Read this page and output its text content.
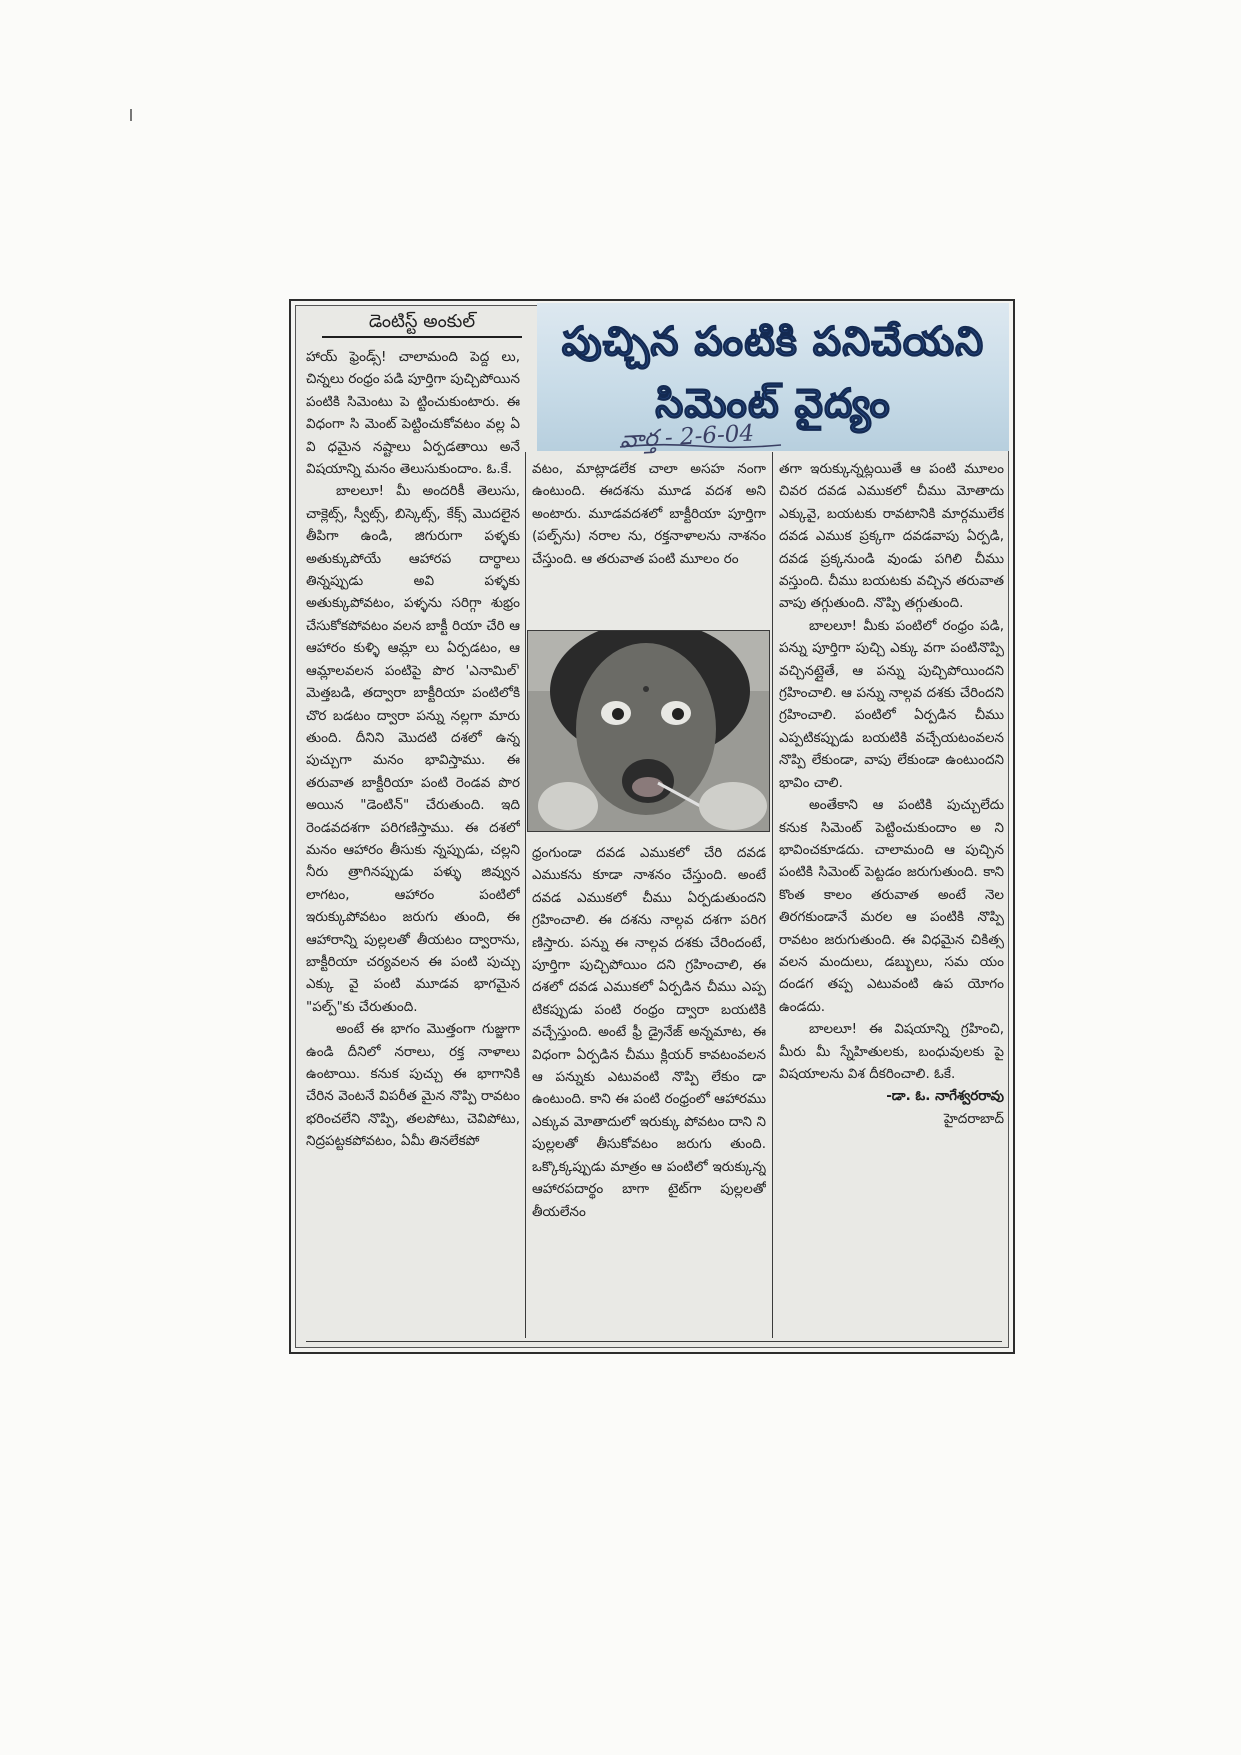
డెంటిస్ట్ అంకుల్	పుచ్చిన పంటికి పనిచేయని
సిమెంట్ వైద్యం
వార్త - 2-6-04

హాయ్ ఫ్రెండ్స్! చాలామంది పెద్ద లు, చిన్నలు రంధ్రం పడి పూర్తిగా పుచ్చిపోయిన పంటికి సిమెంటు పె ట్టించుకుంటారు. ఈ విధంగా సి మెంట్ పెట్టించుకోవటం వల్ల ఏ వి ధమైన నష్టాలు ఏర్పడతాయి అనే విషయాన్ని మనం తెలుసుకుందాం. ఓ.కే.

బాలలూ! మీ అందరికీ తెలుసు, చాక్లెట్స్, స్వీట్స్, బిస్కెట్స్, కేక్స్ మొదలైన తీపిగా ఉండి, జిగురుగా పళ్ళకు అతుక్కుపోయే ఆహారప దార్థాలు తిన్నప్పుడు అవి పళ్ళకు అతుక్కుపోవటం, పళ్ళను సరిగ్గా శుభ్రం చేసుకోకపోవటం వలన బాక్టీ రియా చేరి ఆ ఆహారం కుళ్ళి ఆమ్లా లు ఏర్పడటం, ఆ ఆమ్లాలవలన పంటిపై పొర 'ఎనామిల్' మెత్తబడి, తద్వారా బాక్టీరియా పంటిలోకి చొర బడటం ద్వారా పన్ను నల్లగా మారు తుంది. దీనిని మొదటి దశలో ఉన్న పుచ్చుగా మనం భావిస్తాము. ఈ తరువాత బాక్టీరియా పంటి రెండవ పొర అయిన "డెంటిన్" చేరుతుంది. ఇది రెండవదశగా పరిగణిస్తాము. ఈ దశలో మనం ఆహారం తీసుకు న్నప్పుడు, చల్లని నీరు త్రాగినప్పుడు పళ్ళు జివ్వున లాగటం, ఆహారం పంటిలో ఇరుక్కుపోవటం జరుగు తుంది, ఈ ఆహారాన్ని పుల్లలతో తీయటం ద్వారాను, బాక్టీరియా చర్యవలన ఈ పంటి పుచ్చు ఎక్కు వై పంటి మూడవ భాగమైన "పల్ప్"కు చేరుతుంది.

అంటే ఈ భాగం మొత్తంగా గుజ్జుగా ఉండి దీనిలో నరాలు, రక్త నాళాలు ఉంటాయి. కనుక పుచ్చు ఈ భాగానికి చేరిన వెంటనే విపరీత మైన నొప్పి రావటం భరించలేని నొప్పి, తలపోటు, చెవిపోటు, నిద్రపట్టకపోవటం, ఏమీ తినలేకపో

వటం, మాట్లాడలేక చాలా అసహ నంగా ఉంటుంది. ఈదశను మూడ వదశ అని అంటారు. మూడవదశలో బాక్టీరియా పూర్తిగా (పల్ప్‌ను) నరాల ను, రక్తనాళాలను నాశనం చేస్తుంది. ఆ తరువాత పంటి మూలం రం

ధ్రంగుండా దవడ ఎముకలో చేరి దవడ ఎముకను కూడా నాశనం చేస్తుంది. అంటే దవడ ఎముకలో చీము ఏర్పడుతుందని గ్రహించాలి. ఈ దశను నాల్గవ దశగా పరిగ ణిస్తారు. పన్ను ఈ నాల్గవ దశకు చేరిందంటే, పూర్తిగా పుచ్చిపోయిం దని గ్రహించాలి, ఈ దశలో దవడ ఎముకలో ఏర్పడిన చీము ఎప్ప టికప్పుడు పంటి రంధ్రం ద్వారా బయటికి వచ్చేస్తుంది. అంటే ఫ్రీ డ్రైనేజ్ అన్నమాట, ఈ విధంగా ఏర్పడిన చీము క్లియర్ కావటంవలన ఆ పన్నుకు ఎటువంటి నొప్పి లేకుం డా ఉంటుంది. కాని ఈ పంటి రంధ్రంలో ఆహారము ఎక్కువ మోతాదులో ఇరుక్కు పోవటం దాని ని పుల్లలతో తీసుకోవటం జరుగు తుంది. ఒక్కొక్కప్పుడు మాత్రం ఆ పంటిలో ఇరుక్కున్న ఆహారపదార్థం బాగా టైట్‌గా పుల్లలతో తీయలేనం

తగా ఇరుక్కున్నట్లయితే ఆ పంటి మూలం చివర దవడ ఎముకలో చీము మోతాదు ఎక్కువై, బయటకు రావటానికి మార్గములేక దవడ ఎముక ప్రక్కగా దవడవాపు ఏర్పడి, దవడ ప్రక్కనుండి వుండు పగిలి చీము వస్తుంది. చీము బయటకు వచ్చిన తరువాత వాపు తగ్గుతుంది. నొప్పి తగ్గుతుంది.

బాలలూ! మీకు పంటిలో రంధ్రం పడి, పన్ను పూర్తిగా పుచ్చి ఎక్కు వగా పంటినొప్పి వచ్చినట్లైతే, ఆ పన్ను పుచ్చిపోయిందని గ్రహించాలి. ఆ పన్ను నాల్గవ దశకు చేరిందని గ్రహించాలి. పంటిలో ఏర్పడిన చీము ఎప్పటికప్పుడు బయటికి వచ్చేయటంవలన నొప్పి లేకుండా, వాపు లేకుండా ఉంటుందని భావిం చాలి.

అంతేకాని ఆ పంటికి పుచ్చులేదు కనుక సిమెంట్ పెట్టించుకుందాం అ ని భావించకూడదు. చాలామంది ఆ పుచ్చిన పంటికి సిమెంట్ పెట్టడం జరుగుతుంది. కాని కొంత కాలం తరువాత అంటే నెల తిరగకుండానే మరల ఆ పంటికి నొప్పి రావటం జరుగుతుంది. ఈ విధమైన చికిత్స వలన మందులు, డబ్బులు, సమ యం దండగ తప్ప ఎటువంటి ఉప యోగం ఉండదు.

బాలలూ! ఈ విషయాన్ని గ్రహించి, మీరు మీ స్నేహితులకు, బంధువులకు పై విషయాలను విశ దీకరించాలి. ఓకే.

-డా. ఓ. నాగేశ్వరరావు

హైదరాబాద్
